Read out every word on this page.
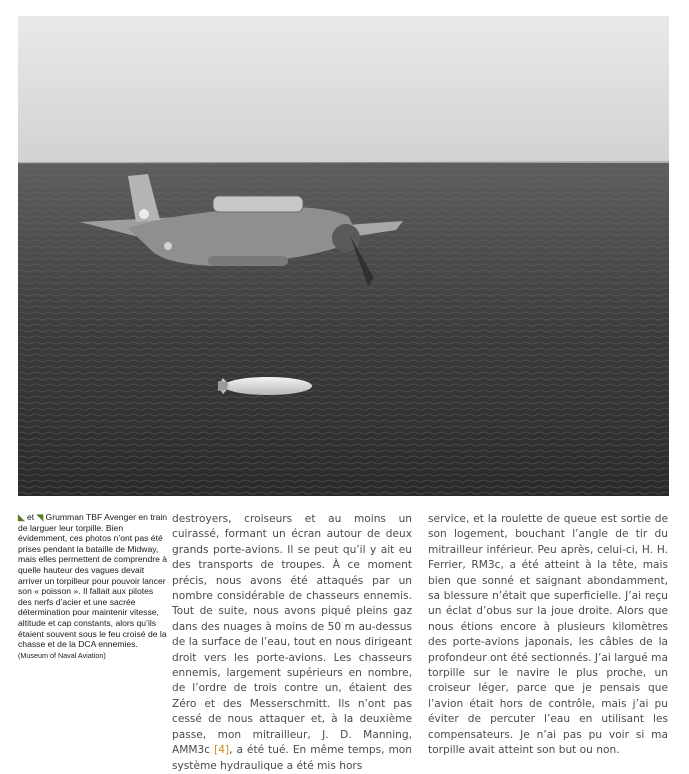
◣ et ◥ Grumman TBF Avenger en train de larguer leur torpille. Bien évidemment, ces photos n’ont pas été prises pendant la bataille de Midway, mais elles permettent de comprendre à quelle hauteur des vagues devait arriver un torpilleur pour pouvoir lancer son « poisson ». Il fallait aux pilotes des nerfs d’acier et une sacrée détermination pour maintenir vitesse, altitude et cap constants, alors qu’ils étaient souvent sous le feu croisé de la chasse et de la DCA ennemies.
(Museum of Naval Aviation)
destroyers, croiseurs et au moins un cuirassé, formant un écran autour de deux grands porte-avions. Il se peut qu’il y ait eu des transports de troupes. À ce moment précis, nous avons été attaqués par un nombre considérable de chasseurs ennemis. Tout de suite, nous avons piqué pleins gaz dans des nuages à moins de 50 m au-dessus de la surface de l’eau, tout en nous dirigeant droit vers les porte-avions. Les chasseurs ennemis, largement supérieurs en nombre, de l’ordre de trois contre un, étaient des Zéro et des Messerschmitt. Ils n’ont pas cessé de nous attaquer et, à la deuxième passe, mon mitrailleur, J. D. Manning, AMM3c [4], a été tué. En même temps, mon système hydraulique a été mis hors
service, et la roulette de queue est sortie de son logement, bouchant l’angle de tir du mitrailleur inférieur. Peu après, celui-ci, H. H. Ferrier, RM3c, a été atteint à la tête, mais bien que sonné et saignant abondamment, sa blessure n’était que superficielle. J’ai reçu un éclat d’obus sur la joue droite. Alors que nous étions encore à plusieurs kilomètres des porte-avions japonais, les câbles de la profondeur ont été sectionnés. J’ai largué ma torpille sur le navire le plus proche, un croiseur léger, parce que je pensais que l’avion était hors de contrôle, mais j’ai pu éviter de percuter l’eau en utilisant les compensateurs. Je n’ai pas pu voir si ma torpille avait atteint son but ou non.
